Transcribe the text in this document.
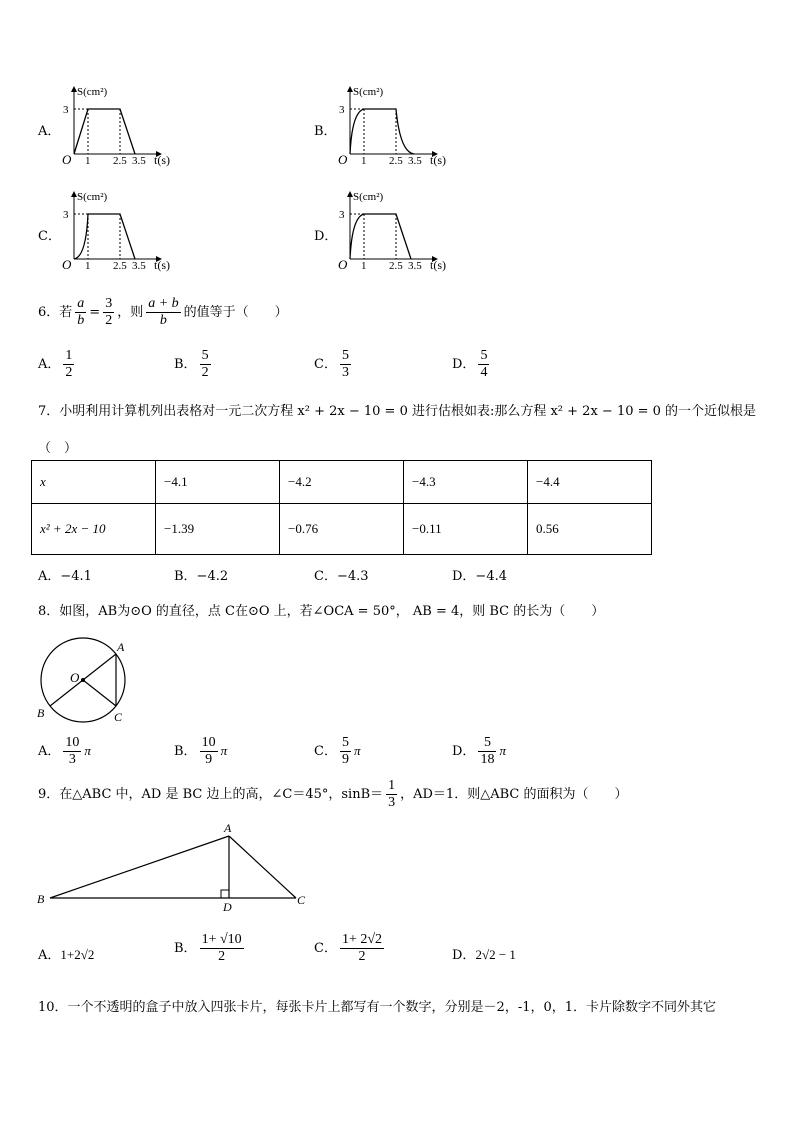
A．
S(cm²)
3
O 1 2.5 3.5 t(s)
B．
S(cm²)
3
O 1 2.5 3.5 t(s)
C．
S(cm²)
3
O 1 2.5 3.5 t(s)
D．
S(cm²)
3
O 1 2.5 3.5 t(s)
6．若 $\frac{a}{b} = \frac{3}{2}$ ，则 $\frac{a + b}{b}$ 的值等于（　　）
A． $\frac{1}{2}$	B． $\frac{5}{2}$	C． $\frac{5}{3}$	D． $\frac{5}{4}$
7．小明利用计算机列出表格对一元二次方程 x² + 2x − 10 = 0 进行估根如表:那么方程 x² + 2x − 10 = 0 的一个近似根是
（　）
x	−4.1	−4.2	−4.3	−4.4
x² + 2x − 10	−1.39	−0.76	−0.11	0.56
A．−4.1	B．−4.2	C．−4.3	D．−4.4
8．如图，AB为⊙O 的直径，点 C在⊙O 上，若∠OCA = 50°， AB = 4，则 BC 的长为（　　）
O
A
B	C
A． $\frac{10}{3}$ π	B． $\frac{10}{9}$ π	C． $\frac{5}{9}$ π	D． $\frac{5}{18}$ π
9．在△ABC 中，AD 是 BC 边上的高，∠C＝45°，$\sin B= \frac{1}{3}$ ，AD＝1．则△ABC 的面积为（　　）
A
B	C
D
A．1+2√2	B． $\frac{1+ √10}{2}$	C． $\frac{1+ 2√2}{2}$	D．2√2 − 1
10．一个不透明的盒子中放入四张卡片，每张卡片上都写有一个数字，分别是－2，-1，0，1．卡片除数字不同外其它
